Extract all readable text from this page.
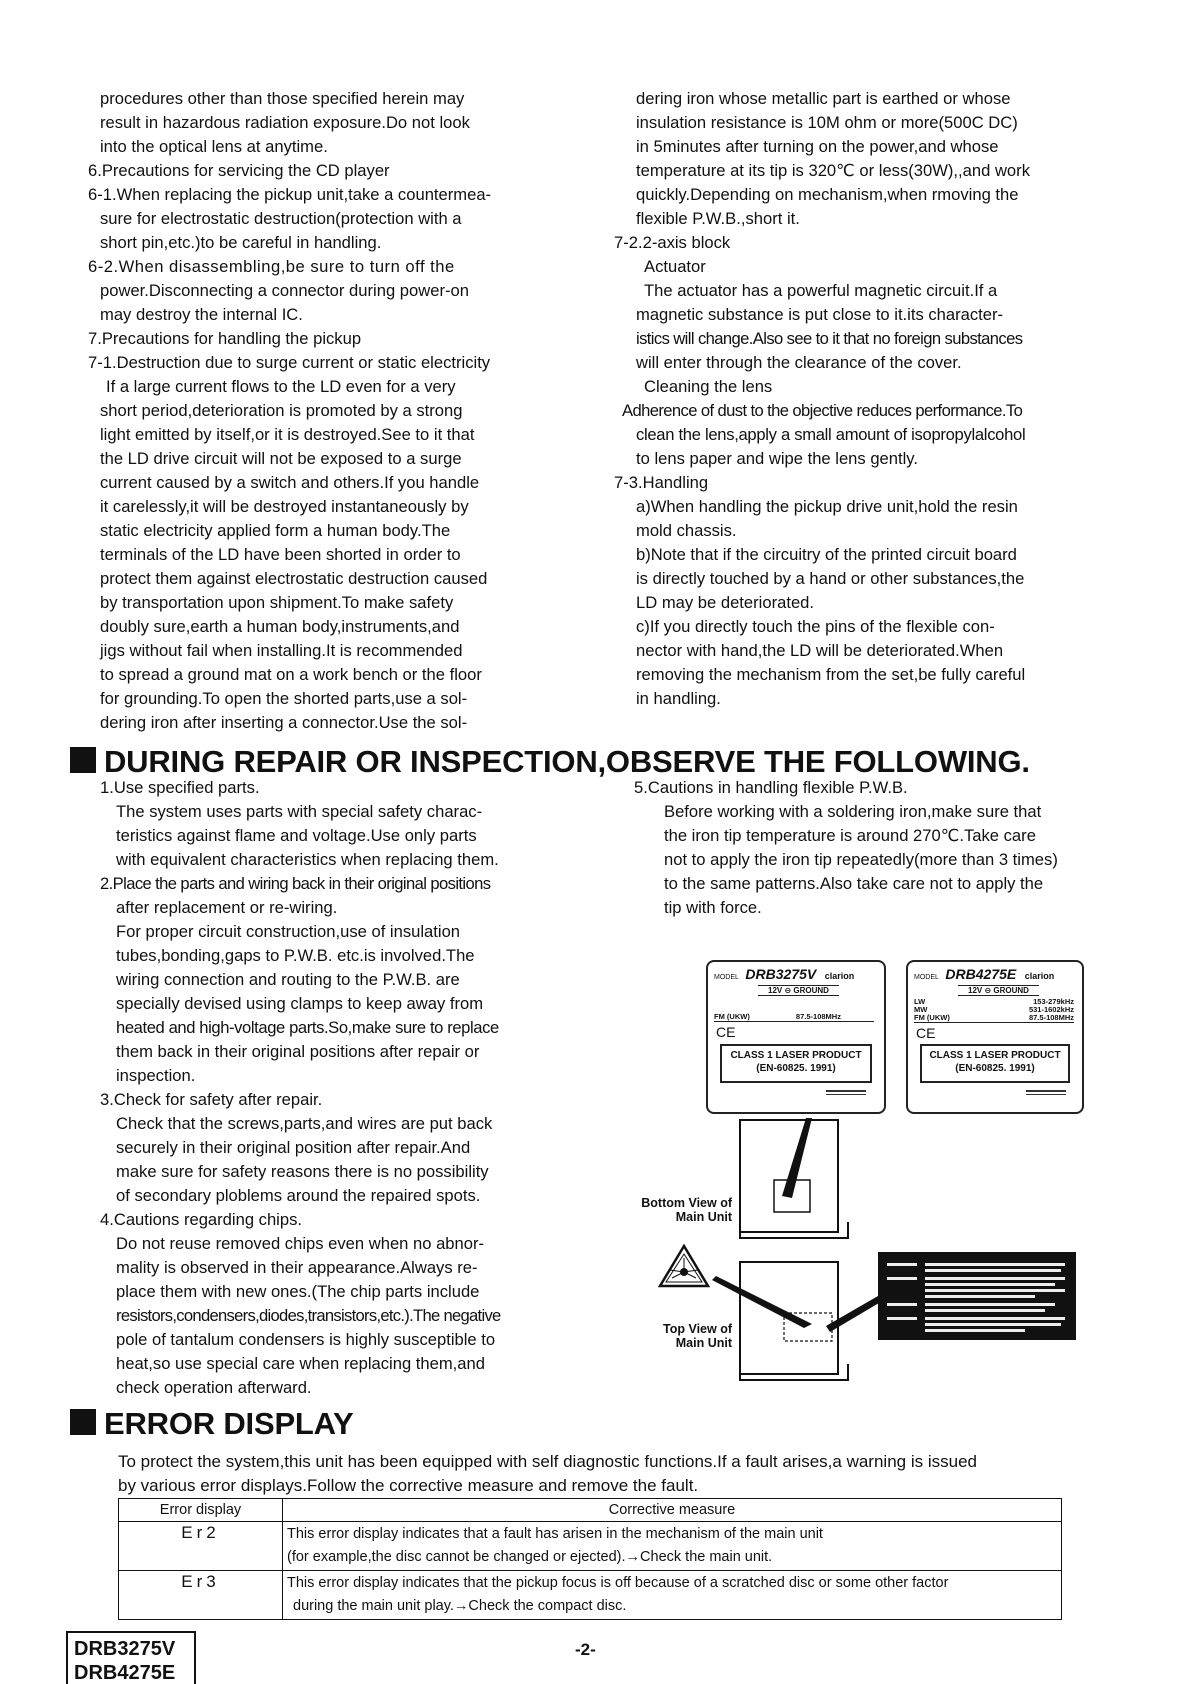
procedures other than those specified herein may

result in hazardous radiation exposure.Do not look

into the optical lens at anytime.

6.Precautions for servicing the CD player

6-1.When replacing the pickup unit,take a countermea-

sure for electrostatic destruction(protection with a

short pin,etc.)to be careful in handling.

6-2.When disassembling,be sure to turn off the

power.Disconnecting a connector during power-on

may destroy the internal IC.

7.Precautions for handling the pickup

7-1.Destruction due to surge current or static electricity

If a large current flows to the LD even for a very

short period,deterioration is promoted by a strong

light emitted by itself,or it is destroyed.See to it that

the LD drive circuit will not be exposed to a surge

current caused by a switch and others.If you handle

it carelessly,it will be destroyed instantaneously by

static electricity applied form a human body.The

terminals of the LD have been shorted in order to

protect them against electrostatic destruction caused

by transportation upon shipment.To make safety

doubly sure,earth a human body,instruments,and

jigs without fail when installing.It is recommended

to spread a ground mat on a work bench or the floor

for grounding.To open the shorted parts,use a sol-

dering iron after inserting a connector.Use the sol-

dering iron whose metallic part is earthed or whose

insulation resistance is 10M ohm or more(500C DC)

in 5minutes after turning on the power,and whose

temperature at its tip is 320℃ or less(30W),,and work

quickly.Depending on mechanism,when rmoving the

flexible P.W.B.,short it.

7-2.2-axis block

Actuator

The actuator has a powerful magnetic circuit.If a

magnetic substance is put close to it.its character-

istics will change.Also see to it that no foreign substances

will enter through the clearance of the cover.

Cleaning the lens

Adherence of dust to the objective reduces performance.To

clean the lens,apply a small amount of isopropylalcohol

to lens paper and wipe the lens gently.

7-3.Handling

a)When handling the pickup drive unit,hold the resin

mold chassis.

b)Note that if the circuitry of the printed circuit board

is directly touched by a hand or other substances,the

LD may be deteriorated.

c)If you directly touch the pins of the flexible con-

nector with hand,the LD will be deteriorated.When

removing the mechanism from the set,be fully careful

in handling.

DURING REPAIR OR INSPECTION,OBSERVE THE FOLLOWING.

1.Use specified parts.

The system uses parts with special safety charac-

teristics against flame and voltage.Use only parts

with equivalent characteristics when replacing them.

2.Place the parts and wiring back in their original positions

after replacement or re-wiring.

For proper circuit construction,use of insulation

tubes,bonding,gaps to P.W.B. etc.is involved.The

wiring connection and routing to the P.W.B. are

specially devised using clamps to keep away from

heated and high-voltage parts.So,make sure to replace

them back in their original positions after repair or

inspection.

3.Check for safety after repair.

Check that the screws,parts,and wires are put back

securely in their original position after repair.And

make sure for safety reasons there is no possibility

of secondary ploblems around the repaired spots.

4.Cautions regarding chips.

Do not reuse removed chips even when no abnor-

mality is observed in their appearance.Always re-

place them with new ones.(The chip parts include

resistors,condensers,diodes,transistors,etc.).The negative

pole of tantalum condensers is highly susceptible to

heat,so use special care when replacing them,and

check operation afterward.

5.Cautions in handling flexible P.W.B.

Before working with a soldering iron,make sure that

the iron tip temperature is around 270℃.Take care

not to apply the iron tip repeatedly(more than 3 times)

to the same patterns.Also take care not to apply the

tip with force.

MODEL DRB3275V clarion
12V ⊖ GROUND
FM (UKW)	87.5-108MHz
CE
CLASS 1 LASER PRODUCT
(EN-60825. 1991)
MODEL DRB4275E clarion
12V ⊖ GROUND
LW	153-279kHz
MW	531-1602kHz
FM (UKW)	87.5-108MHz
CE
CLASS 1 LASER PRODUCT
(EN-60825. 1991)
Bottom View of
Main Unit
Top View of
Main Unit
ERROR DISPLAY

To protect the system,this unit has been equipped with self diagnostic functions.If a fault arises,a warning is issued

by various error displays.Follow the corrective measure and remove the fault.

Error display	Corrective measure
Er2	This error display indicates that a fault has arisen in the mechanism of the main unit
(for example,the disc cannot be changed or ejected).→Check the main unit.

Er3	This error display indicates that the pickup focus is off because of a scratched disc or some other factor
during the main unit play.→Check the compact disc.
DRB3275V
DRB4275E
-2-
